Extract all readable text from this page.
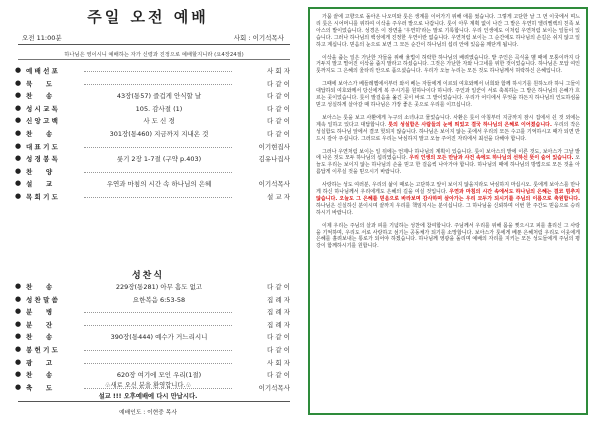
주일 오전 예배
오전 11:00분	사회 : 이기석목사
하나님은 영이시니 예배하는 자가 신령과 진정으로 예배할지니라 (요4장24절)
● 예 배 선 포	사 회 자
● 묵      도	다 같 이
● 찬      송	43장(통57) 즐겁게 안식할 날	다 같 이
● 성 시 교 독	105. 감사절 (1)	다 같 이
● 신 앙 고 백	사 도 신 경	다 같 이
● 찬      송	301장(통460) 지금까지 지내온 것	다 같 이
● 대 표 기 도	이기현집사
● 성 경 봉 독	룻기 2장 1-7절 (구약 p.403)	김유나집사
● 찬      양
● 설      교	우연과 마침의 시간 속 하나님의 은혜	이기석목사
● 목 회 기 도	설 교 자
성찬식
● 찬      송	229장(통281) 아무 흠도 없고	다 같 이
● 성 찬 말 씀	요한복음 6:53-58	집 례 자
● 분      병	집 례 자
● 분      잔	집 례 자
● 찬      송	390장(통444) 예수가 거느리시니	다 같 이
● 봉 헌 기 도	다 같 이
● 광      고	사 회 자
● 찬      송	620장 여기에 모인 우리(1절)	다 같 이
● 축      도	이기석목사
♧새로 오신 분을 환영합니다.♧
설교 !!! 오후예배에 다시 만납시다.
예배인도 : 이현중 목사

가뭄 끝에 고향으로 돌아온 나오미와 룻은 생계를 이어가기 위해 애를 썼습니다. 그렇게 고단한 날 그 먼 이국에서 며느리 룻은 시어머니를 위하여 이삭을 주우러 밭으로 나갑니다. 룻이 아무 계획 없이 나간 그 밭은 우연히 엘리멜렉의 친족 보아스의 밭이었습니다. 성경은 이 장면을 '우연히'라는 말로 기록합니다. 우리 인생에도 이처럼 우연처럼 보이는 일들이 있습니다. 그러나 하나님의 백성에게 진정한 우연이란 없습니다. 우연처럼 보이는 그 순간에도 하나님의 손길은 쉬지 않고 일하고 계십니다. 믿음의 눈으로 보면 그 모든 순간이 하나님의 섭리 안에 있음을 깨닫게 됩니다.

이삭을 줍는 일은 가난한 자들을 위해 율법이 허락한 하나님의 배려였습니다. 밭 주인은 곡식을 벨 때에 모퉁이까지 다 거두지 말고 떨어진 이삭을 줍지 말라고 하셨습니다. 그것은 가난한 자와 나그네를 위한 것이었습니다. 하나님은 모압 여인 룻까지도 그 은혜의 울타리 안으로 품으셨습니다. 우리가 오늘 누리는 모든 것도 하나님께서 허락하신 은혜입니다.

그때에 보아스가 베들레헴에서부터 와서 베는 자들에게 이르되 여호와께서 너희와 함께 하시기를 원하노라 하니 그들이 대답하되 여호와께서 당신에게 복 주시기를 원하나이다 하니라. 주인과 일꾼이 서로 축복하는 그 밭은 하나님의 은혜가 흐르는 곳이었습니다. 룻이 발걸음을 옮긴 곳이 바로 그 밭이었습니다. 우리가 어디에서 무엇을 하든지 하나님의 인도하심을 믿고 성실하게 살아갈 때 하나님은 가장 좋은 곳으로 우리를 이끄십니다.

보아스는 룻을 보고 사환에게 누구의 소녀냐고 물었습니다. 사환은 룻이 아침부터 지금까지 잠시 집에서 쉰 것 외에는 계속 일하고 있다고 대답합니다. 룻의 성실함은 사람들의 눈에 띄었고 결국 하나님의 은혜로 이어졌습니다. 우리의 작은 성실함도 하나님 앞에서 결코 헛되지 않습니다. 하나님은 보이지 않는 곳에서 우리의 모든 수고를 기억하시고 때가 되면 반드시 갚아 주십니다. 그러므로 우리는 낙심하지 말고 오늘 주어진 자리에서 최선을 다해야 합니다.

그러나 우연처럼 보이는 일 뒤에는 언제나 하나님의 계획이 있습니다. 룻이 보아스의 밭에 이른 것도, 보아스가 그날 밭에 나온 것도 모두 하나님의 섭리였습니다. 우리 인생의 모든 만남과 사건 속에도 하나님의 선하신 뜻이 숨어 있습니다. 오늘도 우리는 보이지 않는 하나님의 손을 믿고 한 걸음씩 나아가야 합니다. 하나님의 때에 하나님의 방법으로 모든 것을 아름답게 이루실 것을 믿으시기 바랍니다.

사랑하는 성도 여러분, 우리의 삶이 때로는 고단하고 앞이 보이지 않을지라도 낙심하지 마십시오. 룻에게 보아스를 만나게 하신 하나님께서 우리에게도 은혜의 길을 여실 것입니다. 우연과 마침의 시간 속에서도 하나님의 은혜는 결코 멈추지 않습니다. 오늘도 그 은혜를 믿음으로 바라보며 감사하며 살아가는 우리 모두가 되시기를 주님의 이름으로 축원합니다. 하나님은 신실하신 분이시며 끝까지 우리를 책임지시는 분이십니다. 그 하나님을 신뢰하며 이번 한 주간도 믿음으로 승리하시기 바랍니다.

이제 우리는 주님의 살과 피를 기념하는 성찬에 참여합니다. 주님께서 우리를 위해 몸을 찢으시고 피를 흘리신 그 사랑을 기억하며, 우리도 서로 사랑하고 섬기는 공동체가 되기를 소망합니다. 보아스가 룻에게 베푼 은혜처럼 우리도 이웃에게 은혜를 흘려보내는 통로가 되어야 하겠습니다. 하나님께 영광을 돌리며 예배의 자리를 지키는 모든 성도들에게 주님의 평강이 함께하시기를 원합니다.
